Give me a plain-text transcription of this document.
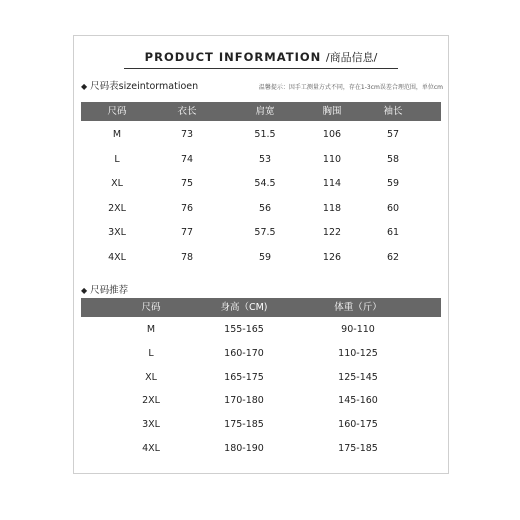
PRODUCT INFORMATION /商品信息/
◆ 尺码表sizeintormatioen	温馨提示：因手工测量方式不同，存在1-3cm误差合理范围，单位cm
尺码	衣长	肩宽	胸围	袖长
M	73	51.5	106	57
L	74	53	110	58
XL	75	54.5	114	59
2XL	76	56	118	60
3XL	77	57.5	122	61
4XL	78	59	126	62
◆ 尺码推荐
尺码	身高（CM)	体重（斤）
M	155-165	90-110
L	160-170	110-125
XL	165-175	125-145
2XL	170-180	145-160
3XL	175-185	160-175
4XL	180-190	175-185
